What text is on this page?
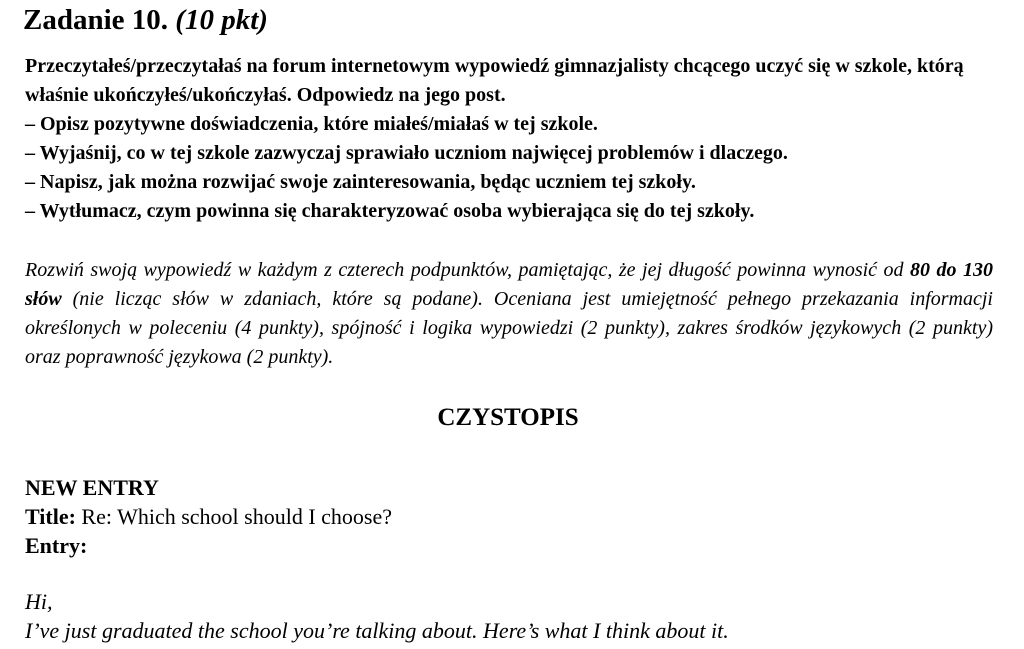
Zadanie 10. (10 pkt)

Przeczytałeś/przeczytałaś na forum internetowym wypowiedź gimnazjalisty chcącego uczyć się w szkole, którą właśnie ukończyłeś/ukończyłaś. Odpowiedz na jego post.

– Opisz pozytywne doświadczenia, które miałeś/miałaś w tej szkole.
– Wyjaśnij, co w tej szkole zazwyczaj sprawiało uczniom najwięcej problemów i dlaczego.
– Napisz, jak można rozwijać swoje zainteresowania, będąc uczniem tej szkoły.
– Wytłumacz, czym powinna się charakteryzować osoba wybierająca się do tej szkoły.
Rozwiń swoją wypowiedź w każdym z czterech podpunktów, pamiętając, że jej długość powinna wynosić od 80 do 130 słów (nie licząc słów w zdaniach, które są podane). Oceniana jest umiejętność pełnego przekazania informacji określonych w poleceniu (4 punkty), spójność i logika wypowiedzi (2 punkty), zakres środków językowych (2 punkty) oraz poprawność językowa (2 punkty).
CZYSTOPIS
NEW ENTRY
Title: Re: Which school should I choose?
Entry:
Hi,
I’ve just graduated the school you’re talking about. Here’s what I think about it.
